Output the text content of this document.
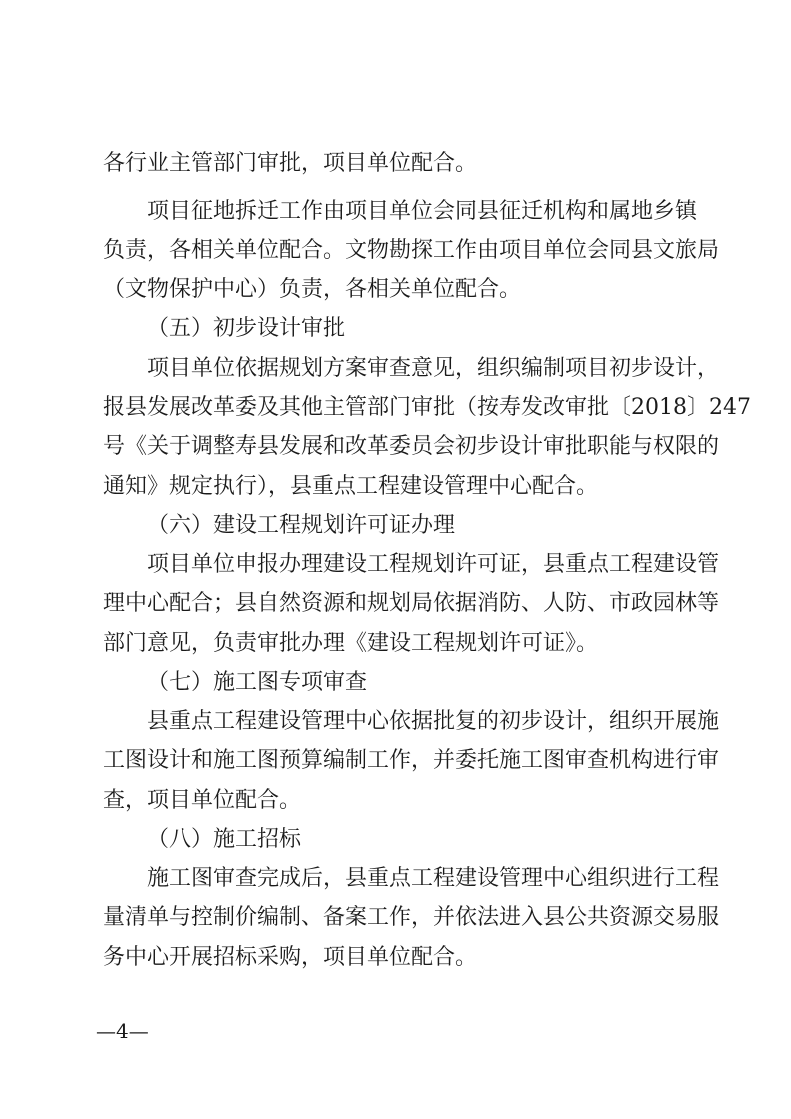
各行业主管部门审批，项目单位配合。
项目征地拆迁工作由项目单位会同县征迁机构和属地乡镇
负责，各相关单位配合。文物勘探工作由项目单位会同县文旅局
（文物保护中心）负责，各相关单位配合。
（五）初步设计审批
项目单位依据规划方案审查意见，组织编制项目初步设计，
报县发展改革委及其他主管部门审批（按寿发改审批〔2018〕247
号《关于调整寿县发展和改革委员会初步设计审批职能与权限的
通知》规定执行），县重点工程建设管理中心配合。
（六）建设工程规划许可证办理
项目单位申报办理建设工程规划许可证，县重点工程建设管
理中心配合；县自然资源和规划局依据消防、人防、市政园林等
部门意见，负责审批办理《建设工程规划许可证》。
（七）施工图专项审查
县重点工程建设管理中心依据批复的初步设计，组织开展施
工图设计和施工图预算编制工作，并委托施工图审查机构进行审
查，项目单位配合。
（八）施工招标
施工图审查完成后，县重点工程建设管理中心组织进行工程
量清单与控制价编制、备案工作，并依法进入县公共资源交易服
务中心开展招标采购，项目单位配合。
—4—
